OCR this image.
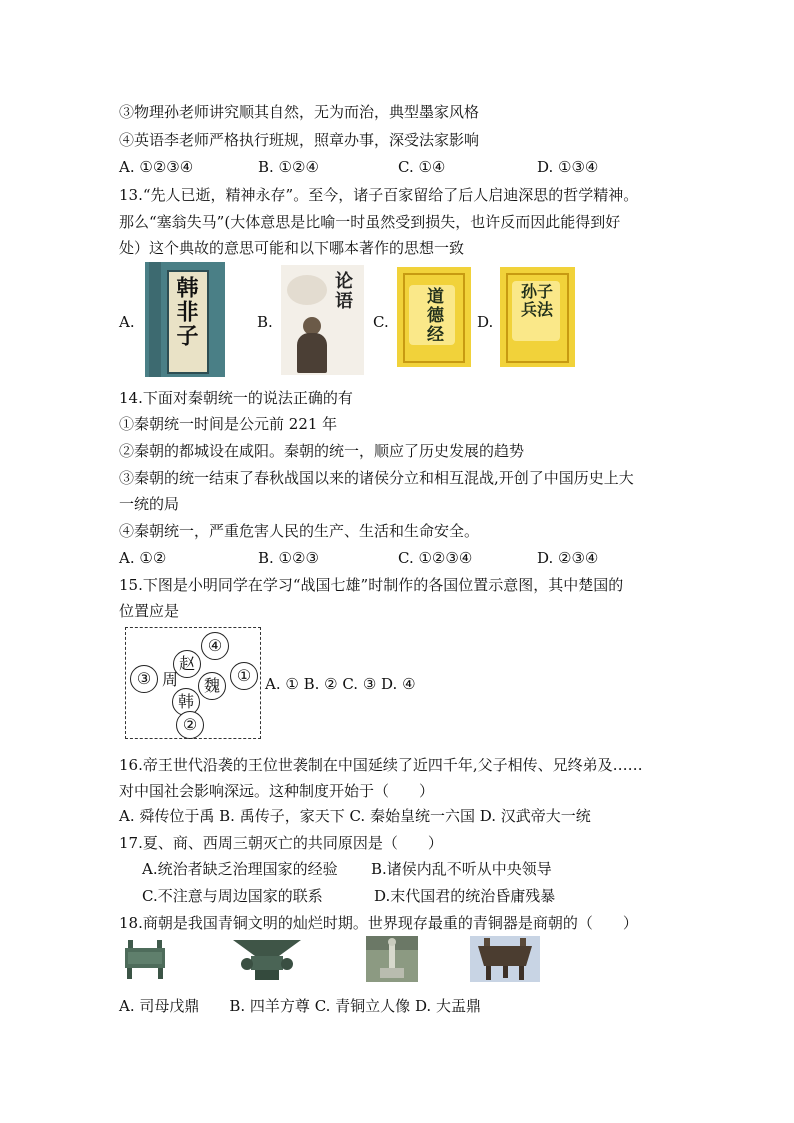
③物理孙老师讲究顺其自然，无为而治，典型墨家风格
④英语李老师严格执行班规，照章办事，深受法家影响
A. ①②③④	B. ①②④	C. ①④	D. ①③④
13.“先人已逝，精神永存”。至今，诸子百家留给了后人启迪深思的哲学精神。
那么“塞翁失马”(大体意思是比喻一时虽然受到损失，也许反而因此能得到好
处）这个典故的意思可能和以下哪本著作的思想一致
A. 韩非子	B.
论语
C. 道德经 D.
孙子兵法
14.下面对秦朝统一的说法正确的有
①秦朝统一时间是公元前 221 年
②秦朝的都城设在咸阳。秦朝的统一，顺应了历史发展的趋势
③秦朝的统一结束了春秋战国以来的诸侯分立和相互混战,开创了中国历史上大
一统的局
④秦朝统一，严重危害人民的生产、生活和生命安全。
A. ①②	B. ①②③	C. ①②③④	D. ②③④
15.下图是小明同学在学习“战国七雄”时制作的各国位置示意图，其中楚国的
位置应是
④
赵
①
③ 周	魏
韩
②
A. ① B. ② C. ③ D. ④
16.帝王世代沿袭的王位世袭制在中国延续了近四千年,父子相传、兄终弟及……
对中国社会影响深远。这种制度开始于（　　）
A. 舜传位于禹 B. 禹传子，家天下 C. 秦始皇统一六国 D. 汉武帝大一统
17.夏、商、西周三朝灭亡的共同原因是（　　）
A.统治者缺乏治理国家的经验 B.诸侯内乱不听从中央领导
C.不注意与周边国家的联系	D.末代国君的统治昏庸残暴
18.商朝是我国青铜文明的灿烂时期。世界现存最重的青铜器是商朝的（　　）
A. 司母戊鼎　　B. 四羊方尊 C. 青铜立人像 D. 大盂鼎
